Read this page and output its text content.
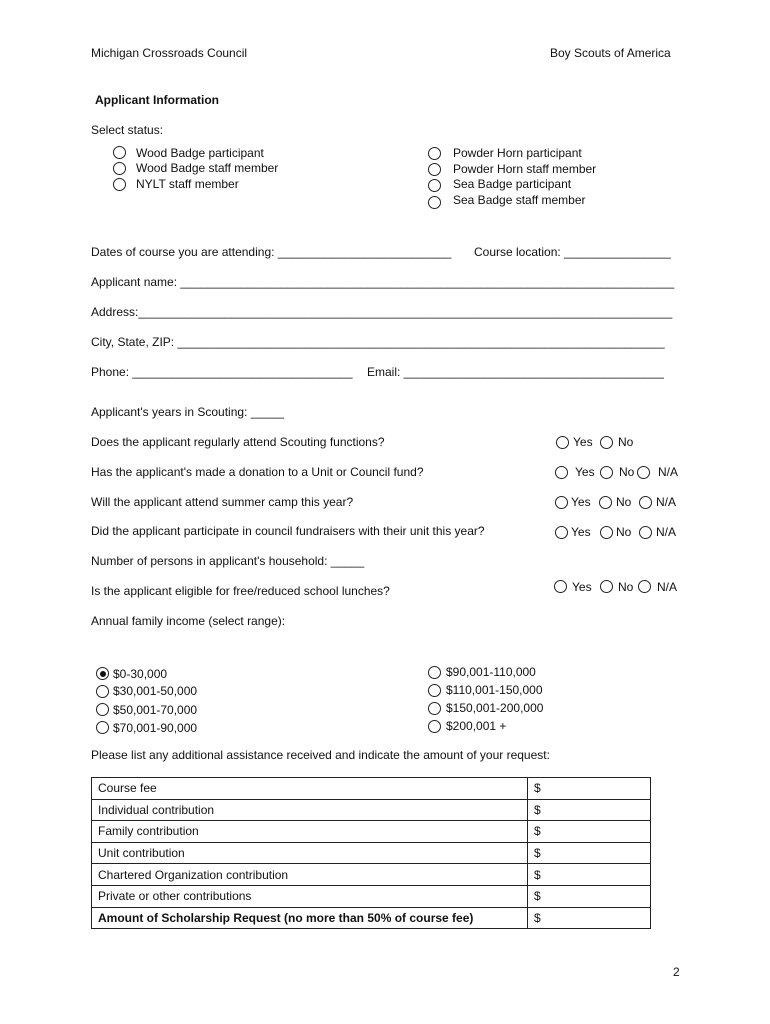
Michigan Crossroads Council	Boy Scouts of America
Applicant Information
Select status:
Wood Badge participant
Wood Badge staff member
NYLT staff member
Powder Horn participant
Powder Horn staff member
Sea Badge participant
Sea Badge staff member
Dates of course you are attending: __________________________ Course location: ________________
Applicant name: __________________________________________________________________________
Address:________________________________________________________________________________
City, State, ZIP: _________________________________________________________________________
Phone: _________________________________ Email: _______________________________________
Applicant's years in Scouting: _____
Does the applicant regularly attend Scouting functions?	Yes No
Has the applicant's made a donation to a Unit or Council fund?	Yes No N/A
Will the applicant attend summer camp this year?	Yes No N/A
Did the applicant participate in council fundraisers with their unit this year?	Yes No N/A
Number of persons in applicant's household: _____
Is the applicant eligible for free/reduced school lunches?	Yes No N/A
Annual family income (select range):
$0-30,000
$30,001-50,000
$50,001-70,000
$70,001-90,000
$90,001-110,000
$110,001-150,000
$150,001-200,000
$200,001 +
Please list any additional assistance received and indicate the amount of your request:
Course fee	$
Individual contribution	$
Family contribution	$
Unit contribution	$
Chartered Organization contribution	$
Private or other contributions	$
Amount of Scholarship Request (no more than 50% of course fee)	$
2
